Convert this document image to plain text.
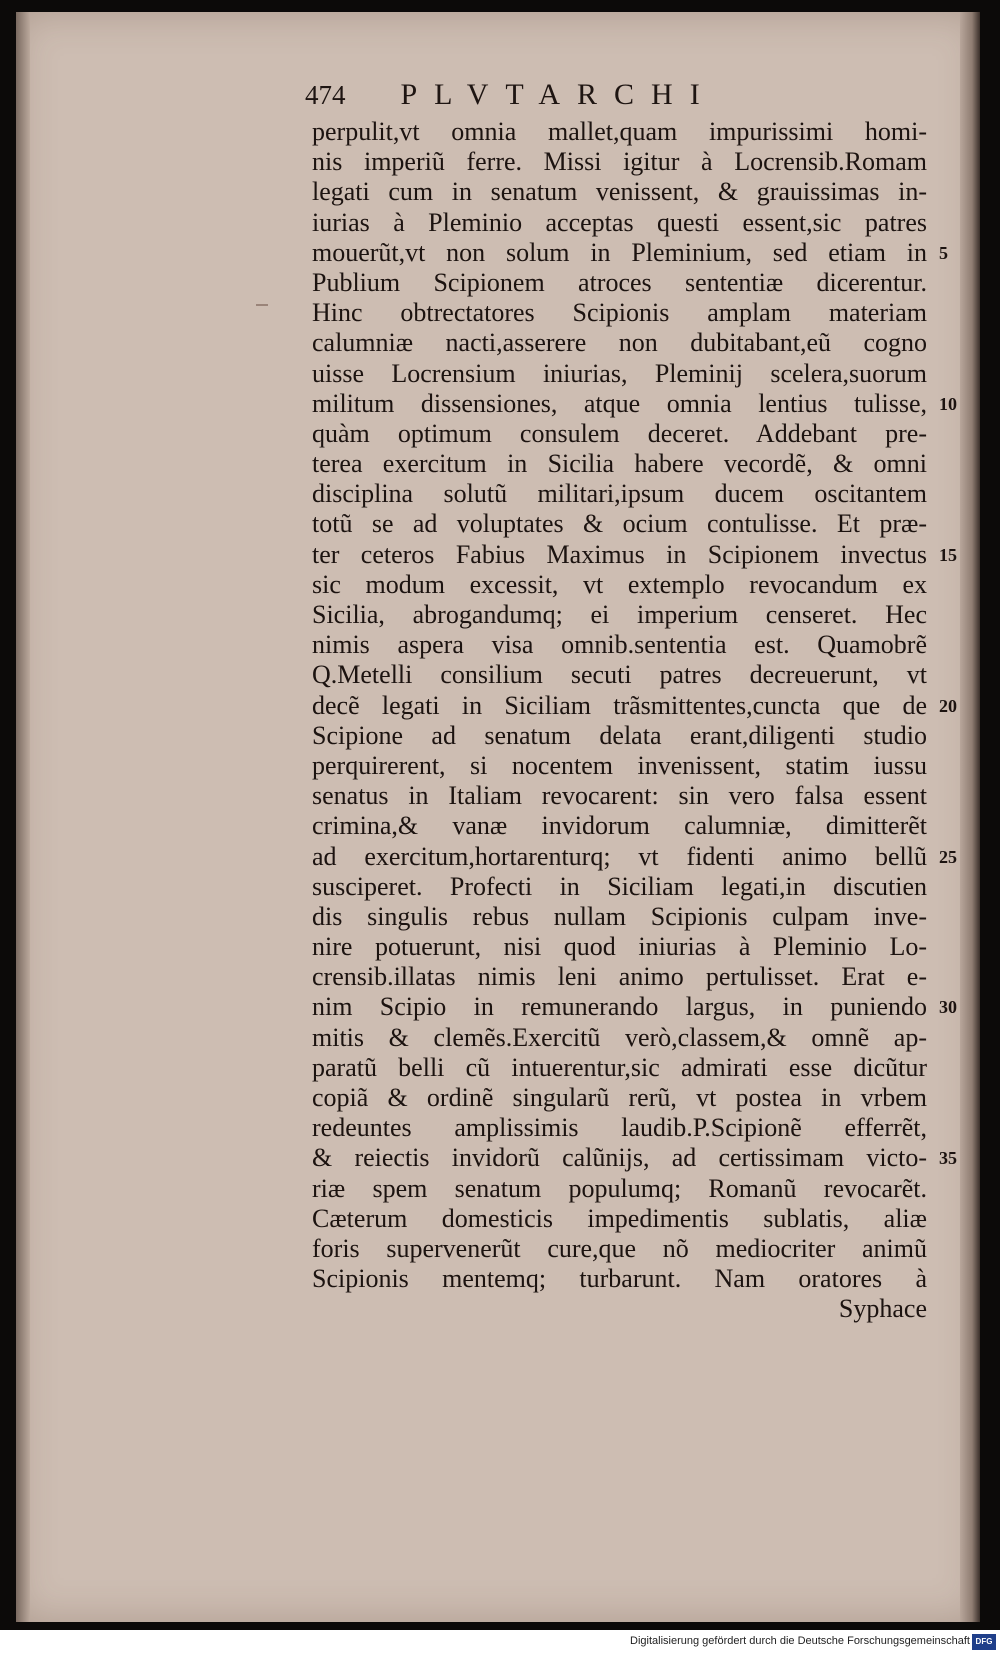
474 PLVTARCHI
perpulit,vt omnia mallet,quam impurissimi homi-
nis imperiũ ferre. Missi igitur à Locrensib.Romam
legati cum in senatum venissent, & grauissimas in-
iurias à Pleminio acceptas questi essent,sic patres
mouerũt,vt non solum in Pleminium, sed etiam in
Publium Scipionem atroces sententiæ dicerentur.
Hinc obtrectatores Scipionis amplam materiam
calumniæ nacti,asserere non dubitabant,eũ cogno
uisse Locrensium iniurias, Pleminij scelera,suorum
militum dissensiones, atque omnia lentius tulisse,
quàm optimum consulem deceret. Addebant pre-
terea exercitum in Sicilia habere vecordẽ, & omni
disciplina solutũ militari,ipsum ducem oscitantem
totũ se ad voluptates & ocium contulisse. Et præ-
ter ceteros Fabius Maximus in Scipionem invectus
sic modum excessit, vt extemplo revocandum ex
Sicilia, abrogandumq; ei imperium censeret. Hec
nimis aspera visa omnib.sententia est. Quamobrẽ
Q.Metelli consilium secuti patres decreuerunt, vt
decẽ legati in Siciliam trãsmittentes,cuncta que de
Scipione ad senatum delata erant,diligenti studio
perquirerent, si nocentem invenissent, statim iussu
senatus in Italiam revocarent: sin vero falsa essent
crimina,& vanæ invidorum calumniæ, dimitterẽt
ad exercitum,hortarenturq; vt fidenti animo bellũ
susciperet. Profecti in Siciliam legati,in discutien
dis singulis rebus nullam Scipionis culpam inve-
nire potuerunt, nisi quod iniurias à Pleminio Lo-
crensib.illatas nimis leni animo pertulisset. Erat e-
nim Scipio in remunerando largus, in puniendo
mitis & clemẽs.Exercitũ verò,classem,& omnẽ ap-
paratũ belli cũ intuerentur,sic admirati esse dicũtur
copiã & ordinẽ singularũ rerũ, vt postea in vrbem
redeuntes amplissimis laudib.P.Scipionẽ efferrẽt,
& reiectis invidorũ calũnijs, ad certissimam victo-
riæ spem senatum populumq; Romanũ revocarẽt.
Cæterum domesticis impedimentis sublatis, aliæ
foris supervenerũt cure,que nõ mediocriter animũ
Scipionis mentemq; turbarunt. Nam oratores à
Syphace
5
10
15
20
25
30
35
Digitalisierung gefördert durch die Deutsche Forschungsgemeinschaft DFG
